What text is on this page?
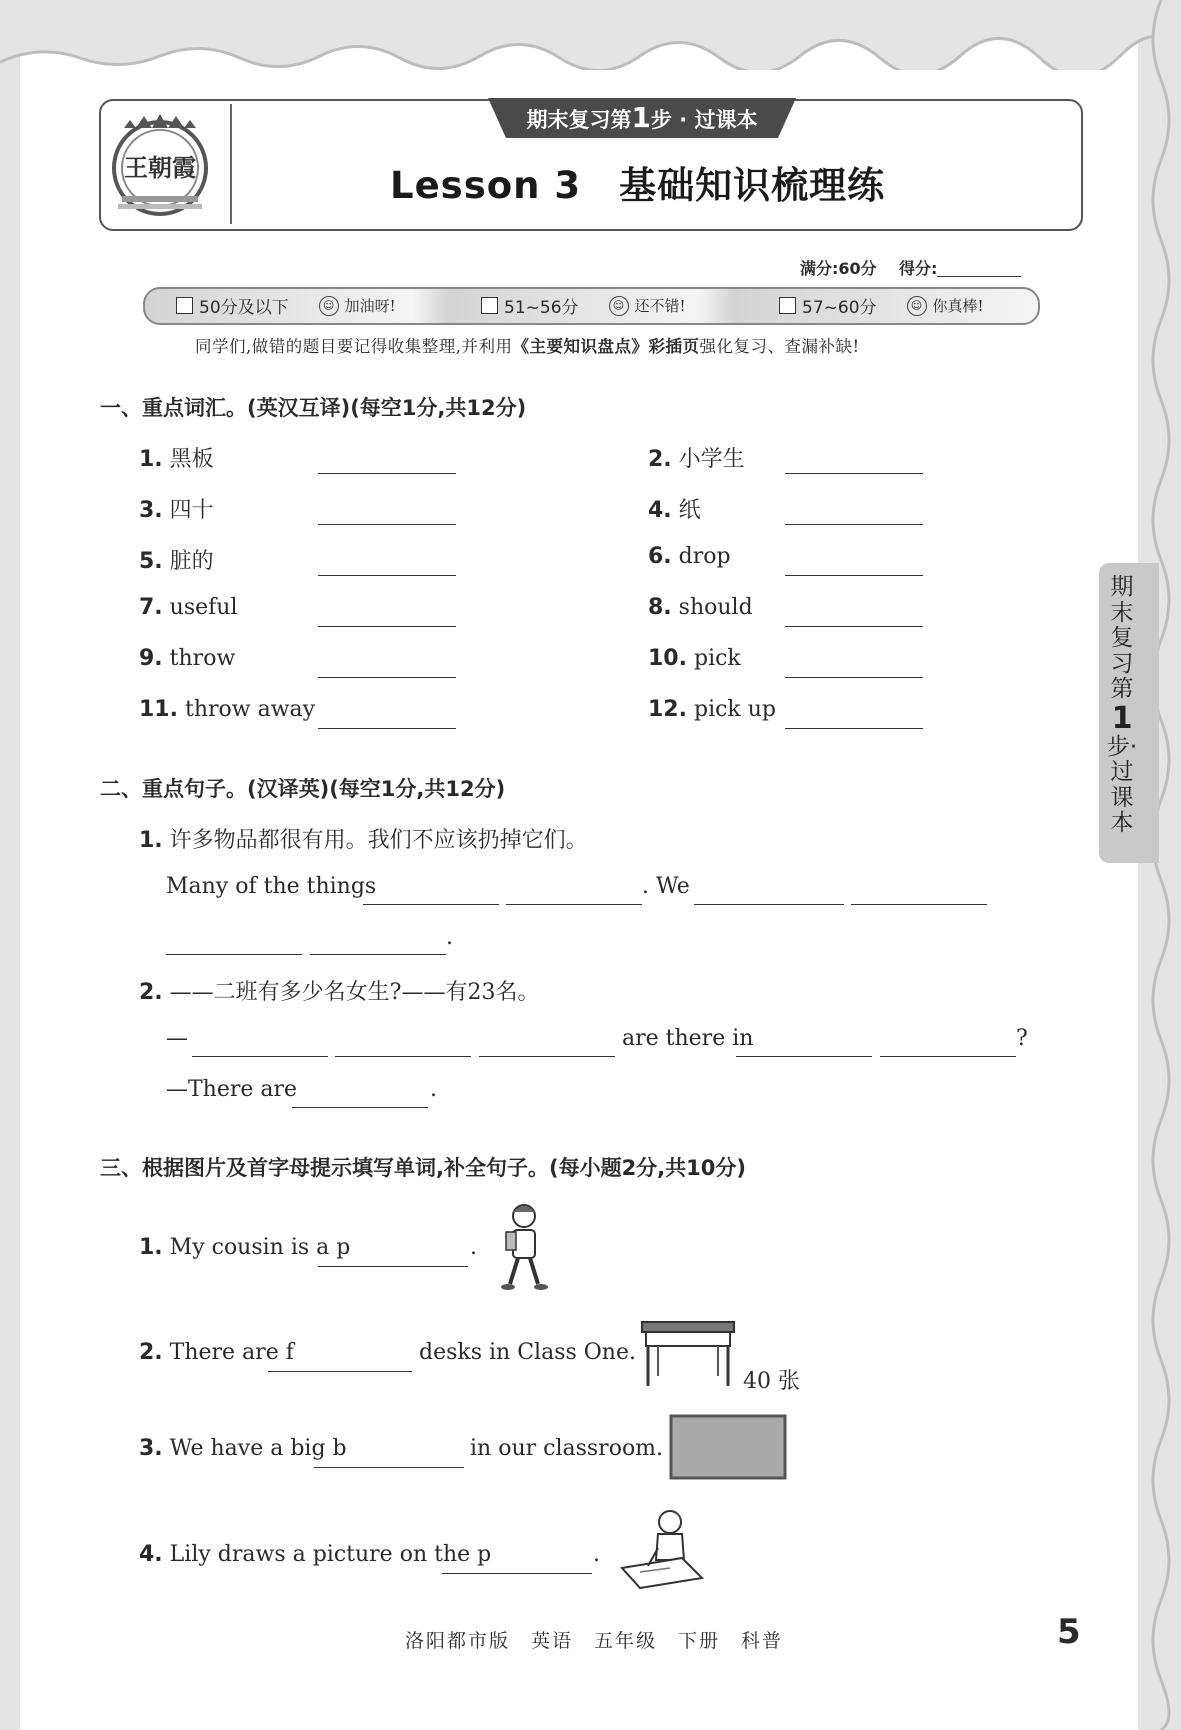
王朝霞
期末复习第1步 · 过课本
Lesson 3　基础知识梳理练
满分:60分 得分:
50分及以下	☺ 加油呀!	51~56分	☺ 还不错!	57~60分	☺ 你真棒!
同学们,做错的题目要记得收集整理,并利用《主要知识盘点》彩插页强化复习、查漏补缺!
一、重点词汇。(英汉互译)(每空1分,共12分)
1. 黑板	2. 小学生
3. 四十	4. 纸
5. 脏的	6. drop
7. useful	8. should
9. throw	10. pick
11. throw away	12. pick up
二、重点句子。(汉译英)(每空1分,共12分)
1. 许多物品都很有用。我们不应该扔掉它们。
Many of the things	. We
.
2. ——二班有多少名女生?——有23名。
—	are there in	?
—There are	.
三、根据图片及首字母提示填写单词,补全句子。(每小题2分,共10分)
1. My cousin is a p	.
2. There are f	desks in Class One.
40 张
3. We have a big b	in our classroom.
4. Lily draws a picture on the p	.
期
末
复
习
第
1
步·
过
课
本
洛阳都市版　英语　五年级　下册　科普	5
